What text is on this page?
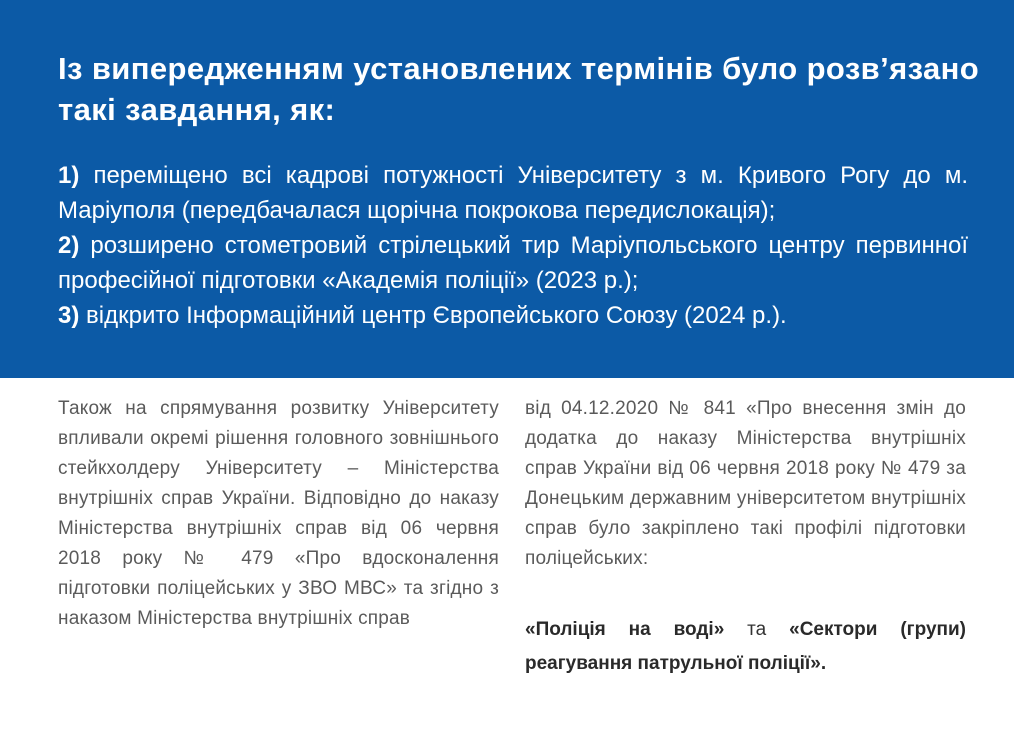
Із випередженням установлених термінів було розв’язано такі завдання, як:
1) переміщено всі кадрові потужності Університету з м. Кривого Рогу до м. Маріуполя (передбачалася щорічна покрокова передислокація);
2) розширено стометровий стрілецький тир Маріупольського центру первинної професійної підготовки «Академія поліції» (2023 р.);
3) відкрито Інформаційний центр Європейського Союзу (2024 р.).

Також на спрямування розвитку Університету впливали окремі рішення головного зовнішнього стейкхолдеру Університету – Міністерства внутрішніх справ України. Відповідно до наказу Міністерства внутрішніх справ від 06 червня 2018 року № 479 «Про вдосконалення підготовки поліцейських у ЗВО МВС» та згідно з наказом Міністерства внутрішніх справ

від 04.12.2020 № 841 «Про внесення змін до додатка до наказу Міністерства внутрішніх справ України від 06 червня 2018 року № 479 за Донецьким державним університетом внутрішніх справ було закріплено такі профілі підготовки поліцейських:

«Поліція на воді» та «Сектори (групи) реагування патрульної поліції».
